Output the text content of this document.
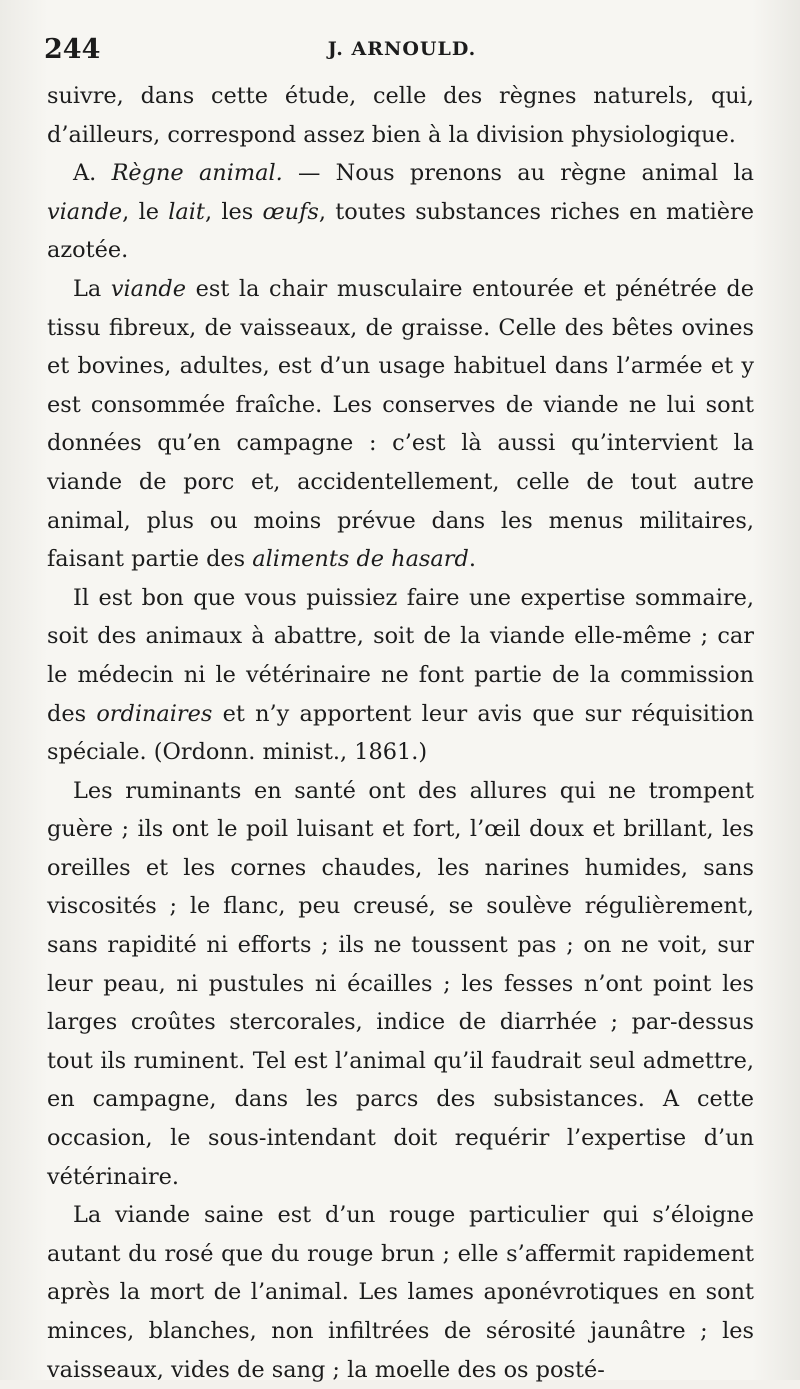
244	J. ARNOULD.

suivre, dans cette étude, celle des règnes naturels, qui, d’ailleurs, correspond assez bien à la division physiologique.

A. Règne animal. — Nous prenons au règne animal la viande, le lait, les œufs, toutes substances riches en matière azotée.

La viande est la chair musculaire entourée et pénétrée de tissu fibreux, de vaisseaux, de graisse. Celle des bêtes ovines et bovines, adultes, est d’un usage habituel dans l’armée et y est consommée fraîche. Les conserves de viande ne lui sont données qu’en campagne : c’est là aussi qu’intervient la viande de porc et, accidentellement, celle de tout autre animal, plus ou moins prévue dans les menus militaires, faisant partie des aliments de hasard.

Il est bon que vous puissiez faire une expertise sommaire, soit des animaux à abattre, soit de la viande elle-même ; car le médecin ni le vétérinaire ne font partie de la commission des ordinaires et n’y apportent leur avis que sur réquisition spéciale. (Ordonn. minist., 1861.)

Les ruminants en santé ont des allures qui ne trompent guère ; ils ont le poil luisant et fort, l’œil doux et brillant, les oreilles et les cornes chaudes, les narines humides, sans viscosités ; le flanc, peu creusé, se soulève régulièrement, sans rapidité ni efforts ; ils ne toussent pas ; on ne voit, sur leur peau, ni pustules ni écailles ; les fesses n’ont point les larges croûtes stercorales, indice de diarrhée ; par-dessus tout ils ruminent. Tel est l’animal qu’il faudrait seul admettre, en campagne, dans les parcs des subsistances. A cette occasion, le sous-intendant doit requérir l’expertise d’un vétérinaire.

La viande saine est d’un rouge particulier qui s’éloigne autant du rosé que du rouge brun ; elle s’affermit rapidement après la mort de l’animal. Les lames aponévrotiques en sont minces, blanches, non infiltrées de sérosité jaunâtre ; les vaisseaux, vides de sang ; la moelle des os posté-
